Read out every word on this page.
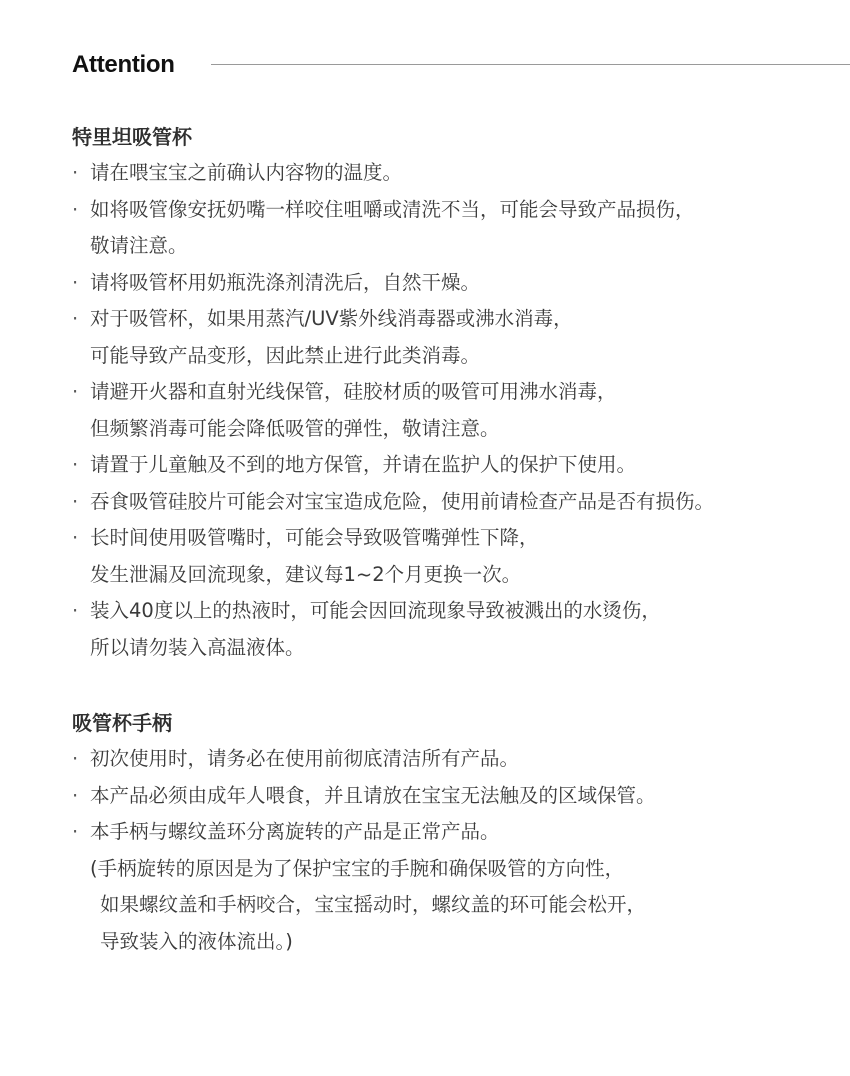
Attention
特里坦吸管杯
· 请在喂宝宝之前确认内容物的温度。
· 如将吸管像安抚奶嘴一样咬住咀嚼或清洗不当，可能会导致产品损伤，
敬请注意。
· 请将吸管杯用奶瓶洗涤剂清洗后，自然干燥。
· 对于吸管杯，如果用蒸汽/UV紫外线消毒器或沸水消毒，
可能导致产品变形，因此禁止进行此类消毒。
· 请避开火器和直射光线保管，硅胶材质的吸管可用沸水消毒，
但频繁消毒可能会降低吸管的弹性，敬请注意。
· 请置于儿童触及不到的地方保管，并请在监护人的保护下使用。
· 吞食吸管硅胶片可能会对宝宝造成危险，使用前请检查产品是否有损伤。
· 长时间使用吸管嘴时，可能会导致吸管嘴弹性下降，
发生泄漏及回流现象，建议每1~2个月更换一次。
· 装入40度以上的热液时，可能会因回流现象导致被溅出的水烫伤，
所以请勿装入高温液体。
吸管杯手柄
· 初次使用时，请务必在使用前彻底清洁所有产品。
· 本产品必须由成年人喂食，并且请放在宝宝无法触及的区域保管。
· 本手柄与螺纹盖环分离旋转的产品是正常产品。
(手柄旋转的原因是为了保护宝宝的手腕和确保吸管的方向性，
如果螺纹盖和手柄咬合，宝宝摇动时，螺纹盖的环可能会松开，
导致装入的液体流出。)
